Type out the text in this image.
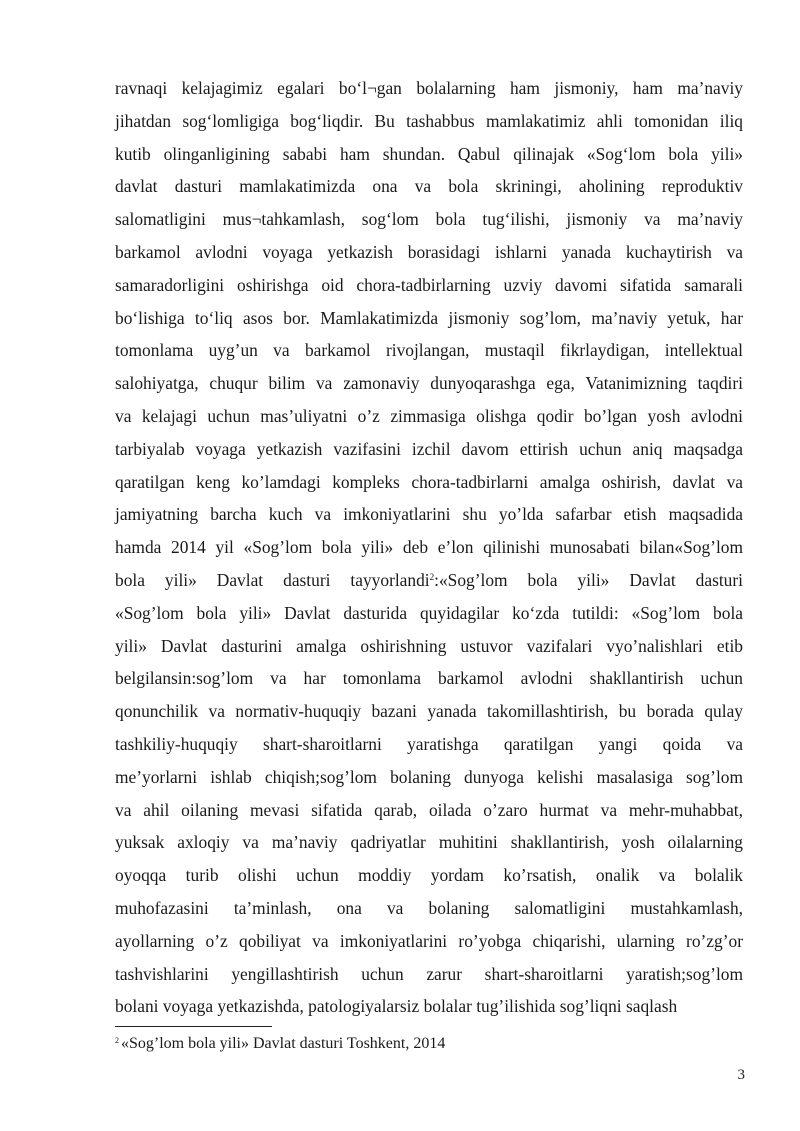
ravnaqi kelajagimiz egalari bo‘l¬gan bolalarning ham jismoniy, ham ma’naviy
jihatdan sog‘lomligiga bog‘liqdir. Bu tashabbus mamlakatimiz ahli tomonidan iliq
kutib olinganligining sababi ham shundan. Qabul qilinajak «Sog‘lom bola yili»
davlat dasturi mamlakatimizda ona va bola skriningi, aholining reproduktiv
salomatligini mus¬tahkamlash, sog‘lom bola tug‘ilishi, jismoniy va ma’naviy
barkamol avlodni voyaga yetkazish borasidagi ishlarni yanada kuchaytirish va
samaradorligini oshirishga oid chora-tadbirlarning uzviy davomi sifatida samarali
bo‘lishiga to‘liq asos bor. Mamlakatimizda jismoniy sog’lom, ma’naviy yetuk, har
tomonlama uyg’un va barkamol rivojlangan, mustaqil fikrlaydigan, intellektual
salohiyatga, chuqur bilim va zamonaviy dunyoqarashga ega, Vatanimizning taqdiri
va kelajagi uchun mas’uliyatni o’z zimmasiga olishga qodir bo’lgan yosh avlodni
tarbiyalab voyaga yetkazish vazifasini izchil davom ettirish uchun aniq maqsadga
qaratilgan keng ko’lamdagi kompleks chora-tadbirlarni amalga oshirish, davlat va
jamiyatning barcha kuch va imkoniyatlarini shu yo’lda safarbar etish maqsadida
hamda 2014 yil «Sog’lom bola yili» deb e’lon qilinishi munosabati bilan«Sog’lom
bola yili» Davlat dasturi tayyorlandi$^2$:«Sog’lom bola yili» Davlat dasturi
«Sog’lom bola yili» Davlat dasturida quyidagilar ko‘zda tutildi: «Sog’lom bola
yili» Davlat dasturini amalga oshirishning ustuvor vazifalari vyo’nalishlari etib
belgilansin:sog’lom va har tomonlama barkamol avlodni shakllantirish uchun
qonunchilik va normativ-huquqiy bazani yanada takomillashtirish, bu borada qulay
tashkiliy-huquqiy shart-sharoitlarni yaratishga qaratilgan yangi qoida va
me’yorlarni ishlab chiqish;sog’lom bolaning dunyoga kelishi masalasiga sog’lom
va ahil oilaning mevasi sifatida qarab, oilada o’zaro hurmat va mehr-muhabbat,
yuksak axloqiy va ma’naviy qadriyatlar muhitini shakllantirish, yosh oilalarning
oyoqqa turib olishi uchun moddiy yordam ko’rsatish, onalik va bolalik
muhofazasini ta’minlash, ona va bolaning salomatligini mustahkamlash,
ayollarning o’z qobiliyat va imkoniyatlarini ro’yobga chiqarishi, ularning ro’zg’or
tashvishlarini yengillashtirish uchun zarur shart-sharoitlarni yaratish;sog’lom
bolani voyaga yetkazishda, patologiyalarsiz bolalar tug’ilishida sog’liqni saqlash
$^2$ «Sog’lom bola yili» Davlat dasturi Toshkent, 2014
3
